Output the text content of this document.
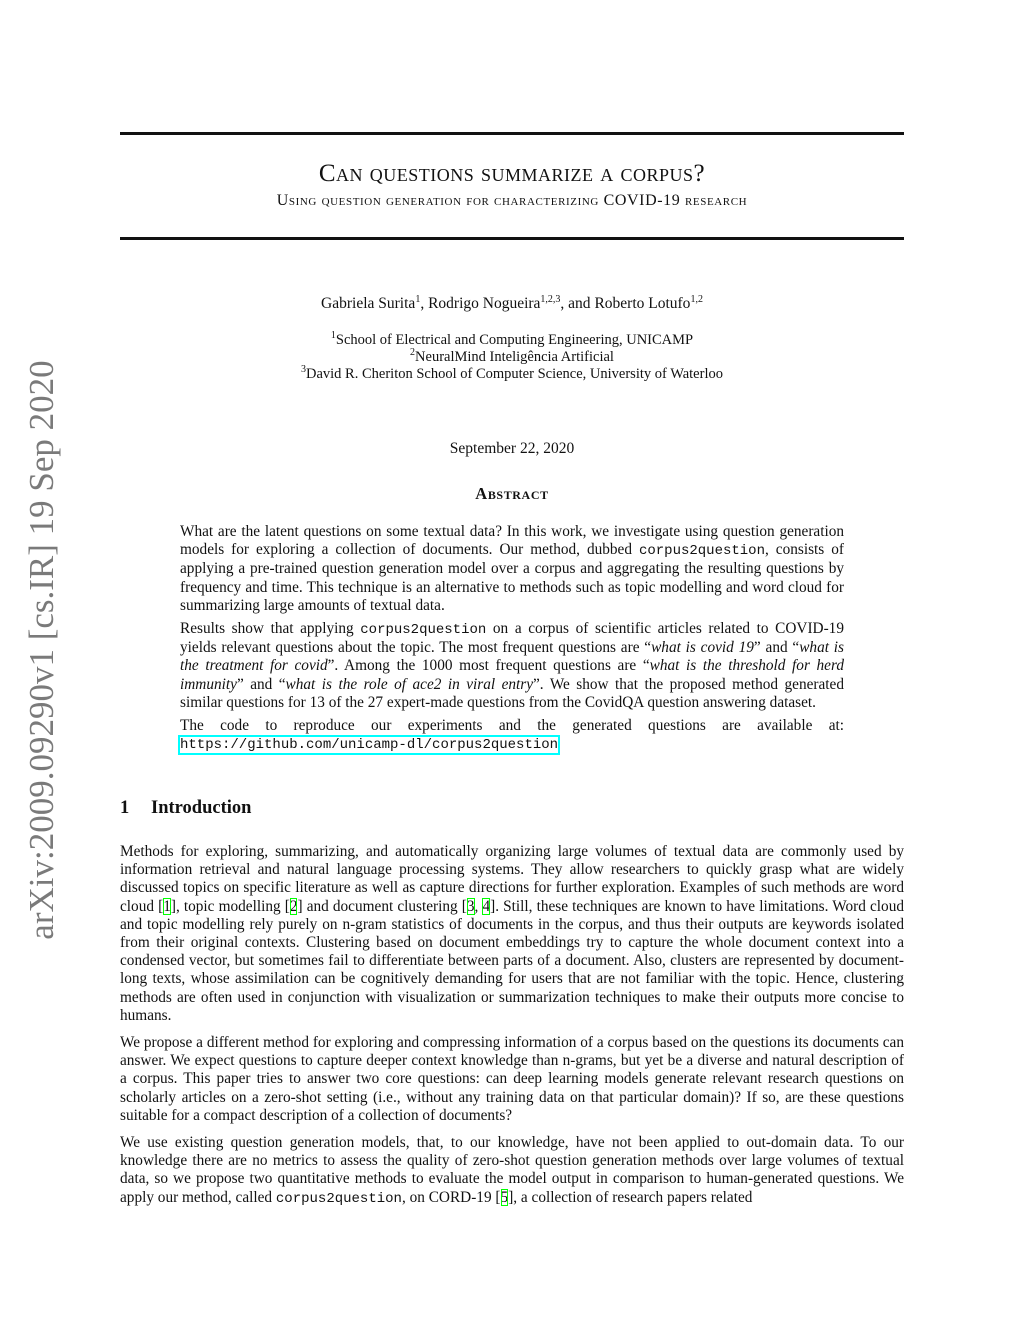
arXiv:2009.09290v1 [cs.IR] 19 Sep 2020
Can questions summarize a corpus?
Using question generation for characterizing COVID-19 research
Gabriela Surita$^1$, Rodrigo Nogueira$^{1,2,3}$, and Roberto Lotufo$^{1,2}$
$^1$School of Electrical and Computing Engineering, UNICAMP
$^2$NeuralMind Inteligência Artificial
$^3$David R. Cheriton School of Computer Science, University of Waterloo
September 22, 2020
Abstract

What are the latent questions on some textual data? In this work, we investigate using question generation models for exploring a collection of documents. Our method, dubbed corpus2question, consists of applying a pre-trained question generation model over a corpus and aggregating the resulting questions by frequency and time. This technique is an alternative to methods such as topic modelling and word cloud for summarizing large amounts of textual data.

Results show that applying corpus2question on a corpus of scientific articles related to COVID-19 yields relevant questions about the topic. The most frequent questions are “what is covid 19” and “what is the treatment for covid”. Among the 1000 most frequent questions are “what is the threshold for herd immunity” and “what is the role of ace2 in viral entry”. We show that the proposed method generated similar questions for 13 of the 27 expert-made questions from the CovidQA question answering dataset.

The code to reproduce our experiments and the generated questions are available at: https://github.com/unicamp-dl/corpus2question

1 Introduction

Methods for exploring, summarizing, and automatically organizing large volumes of textual data are commonly used by information retrieval and natural language processing systems. They allow researchers to quickly grasp what are widely discussed topics on specific literature as well as capture directions for further exploration. Examples of such methods are word cloud [1], topic modelling [2] and document clustering [3, 4]. Still, these techniques are known to have limitations. Word cloud and topic modelling rely purely on n-gram statistics of documents in the corpus, and thus their outputs are keywords isolated from their original contexts. Clustering based on document embeddings try to capture the whole document context into a condensed vector, but sometimes fail to differentiate between parts of a document. Also, clusters are represented by document-long texts, whose assimilation can be cognitively demanding for users that are not familiar with the topic. Hence, clustering methods are often used in conjunction with visualization or summarization techniques to make their outputs more concise to humans.

We propose a different method for exploring and compressing information of a corpus based on the questions its documents can answer. We expect questions to capture deeper context knowledge than n-grams, but yet be a diverse and natural description of a corpus. This paper tries to answer two core questions: can deep learning models generate relevant research questions on scholarly articles on a zero-shot setting (i.e., without any training data on that particular domain)? If so, are these questions suitable for a compact description of a collection of documents?

We use existing question generation models, that, to our knowledge, have not been applied to out-domain data. To our knowledge there are no metrics to assess the quality of zero-shot question generation methods over large volumes of textual data, so we propose two quantitative methods to evaluate the model output in comparison to human-generated questions. We apply our method, called corpus2question, on CORD-19 [5], a collection of research papers related
